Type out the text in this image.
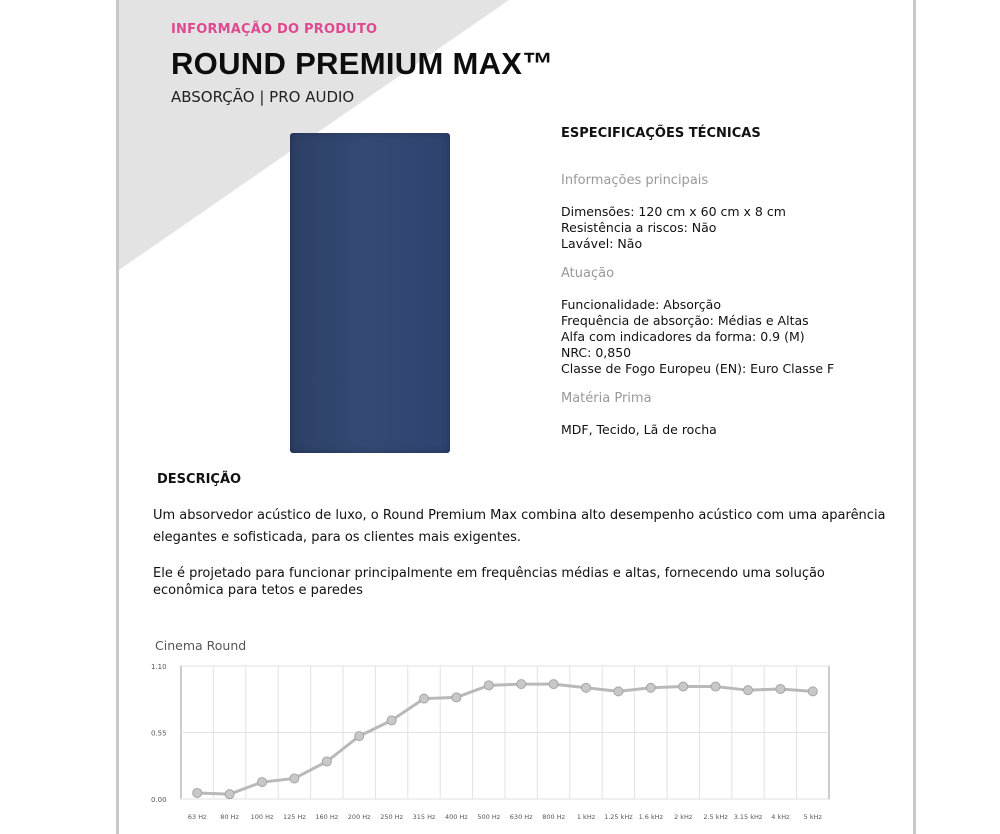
INFORMAÇÃO DO PRODUTO
ROUND PREMIUM MAX™
ABSORÇÃO | PRO AUDIO
ESPECIFICAÇÕES TÉCNICAS
Informações principais
Dimensões: 120 cm x 60 cm x 8 cm
Resistência a riscos: Não
Lavável: Não
Atuação
Funcionalidade: Absorção
Frequência de absorção: Médias e Altas
Alfa com indicadores da forma: 0.9 (M)
NRC: 0,850
Classe de Fogo Europeu (EN): Euro Classe F
Matéria Prima
MDF, Tecido, Lã de rocha
DESCRIÇÃO
Um absorvedor acústico de luxo, o Round Premium Max combina alto desempenho acústico com uma aparência elegantes e sofisticada, para os clientes mais exigentes.
Ele é projetado para funcionar principalmente em frequências médias e altas, fornecendo uma solução econômica para tetos e paredes
Cinema Round
0.00
0.55
1.10
63 Hz 80 Hz 100 Hz 125 Hz 160 Hz 200 Hz 250 Hz 315 Hz 400 Hz 500 Hz 630 Hz 800 Hz 1 kHz 1.25 kHz 1.6 kHz 2 kHz 2.5 kHz 3.15 kHz 4 kHz 5 kHz
